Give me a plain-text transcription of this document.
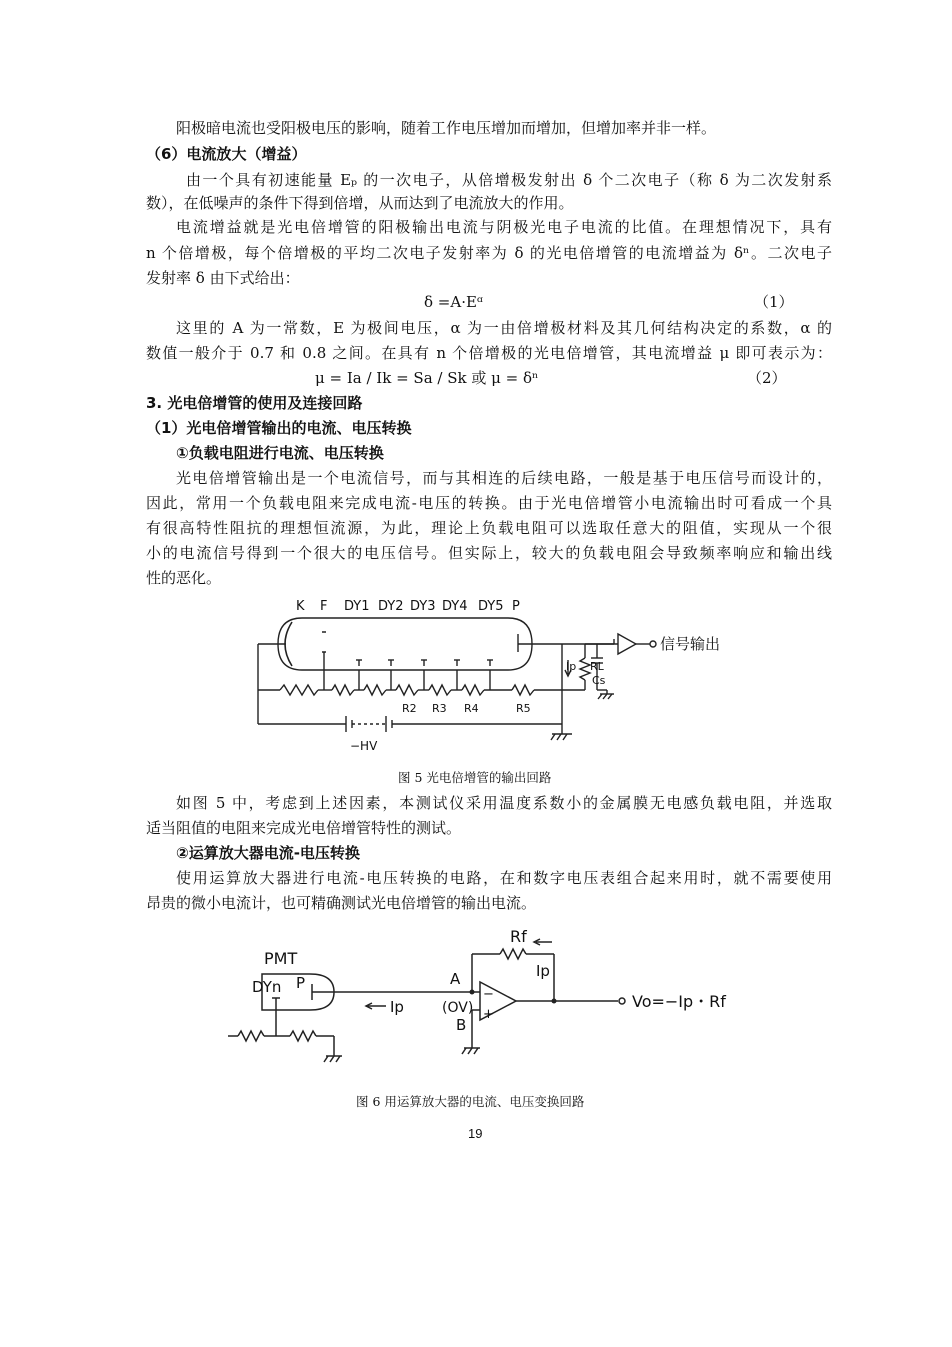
阳极暗电流也受阳极电压的影响，随着工作电压增加而增加，但增加率并非一样。
（6）电流放大（增益）
由一个具有初速能量 Eₚ 的一次电子，从倍增极发射出 δ 个二次电子（称 δ 为二次发射系
数），在低噪声的条件下得到倍增，从而达到了电流放大的作用。
电流增益就是光电倍增管的阳极输出电流与阴极光电子电流的比值。在理想情况下，具有
n 个倍增极，每个倍增极的平均二次电子发射率为 δ 的光电倍增管的电流增益为 δⁿ。二次电子
发射率 δ 由下式给出：
δ =A·Eᵅ	（1）
这里的 A 为一常数，E 为极间电压，α 为一由倍增极材料及其几何结构决定的系数，α 的
数值一般介于 0.7 和 0.8 之间。在具有 n 个倍增极的光电倍增管，其电流增益 μ 即可表示为：
μ = Ia / Ik = Sa / Sk 或 μ = δⁿ	（2）
3. 光电倍增管的使用及连接回路
（1）光电倍增管输出的电流、电压转换
①负载电阻进行电流、电压转换
光电倍增管输出是一个电流信号，而与其相连的后续电路，一般是基于电压信号而设计的，
因此，常用一个负载电阻来完成电流-电压的转换。由于光电倍增管小电流输出时可看成一个具
有很高特性阻抗的理想恒流源，为此，理论上负载电阻可以选取任意大的阻值，实现从一个很
小的电流信号得到一个很大的电压信号。但实际上，较大的负载电阻会导致频率响应和输出线
性的恶化。
K F DY1 DY2 DY3 DY4 DY5 P
信号输出
Ip RL
Cs
R2 R3 R4	R5
−HV
图 5 光电倍增管的输出回路
如图 5 中，考虑到上述因素，本测试仪采用温度系数小的金属膜无电感负载电阻，并选取
适当阻值的电阻来完成光电倍增管特性的测试。
②运算放大器电流-电压转换
使用运算放大器进行电流-电压转换的电路，在和数字电压表组合起来用时，就不需要使用
昂贵的微小电流计，也可精确测试光电倍增管的输出电流。
PMT
DYn P	A
(OV)
B
Rf
Ip
Ip
−
+
Vo=−Ip・Rf
图 6 用运算放大器的电流、电压变换回路
19
